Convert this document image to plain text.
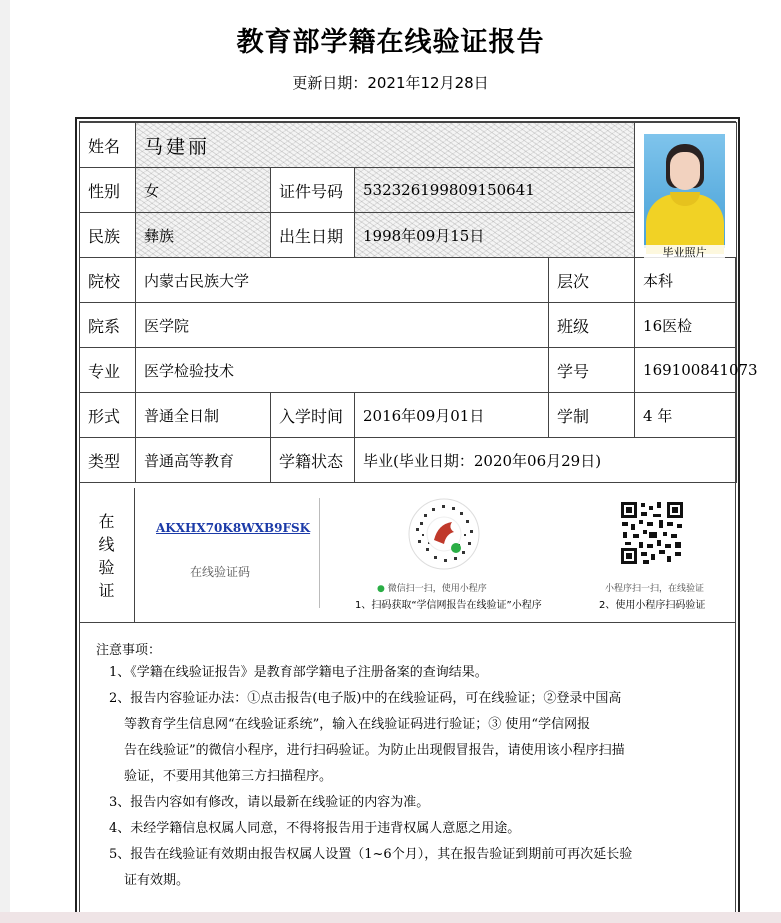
教育部学籍在线验证报告
更新日期：2021年12月28日
姓名	马建丽				毕业照片

性别	女	证件号码	532326199809150641		
民族	彝族	出生日期	1998年09月15日		
院校	内蒙古民族大学			层次	本科
院系	医学院			班级	16医检
专业	医学检验技术			学号	169100841073
形式	普通全日制	入学时间	2016年09月01日	学制	4 年
类型	普通高等教育	学籍状态	毕业(毕业日期：2020年06月29日)		
在
线
验
证
AKXHX70K8WXB9FSK
在线验证码
● 微信扫一扫，使用小程序
1、扫码获取“学信网报告在线验证”小程序
小程序扫一扫，在线验证
2、使用小程序扫码验证
注意事项：
1、《学籍在线验证报告》是教育部学籍电子注册备案的查询结果。
2、报告内容验证办法：①点击报告(电子版)中的在线验证码，可在线验证；②登录中国高
等教育学生信息网“在线验证系统”，输入在线验证码进行验证；③ 使用“学信网报
告在线验证”的微信小程序，进行扫码验证。为防止出现假冒报告，请使用该小程序扫描
验证，不要用其他第三方扫描程序。
3、报告内容如有修改，请以最新在线验证的内容为准。
4、未经学籍信息权属人同意，不得将报告用于违背权属人意愿之用途。
5、报告在线验证有效期由报告权属人设置（1~6个月），其在报告验证到期前可再次延长验
证有效期。
